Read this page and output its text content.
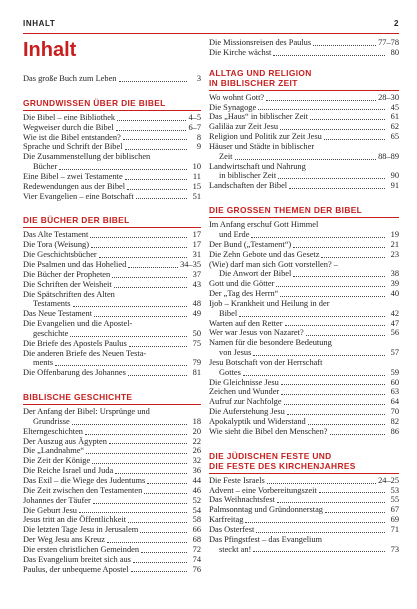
INHALT	2
Inhalt
Das große Buch zum Leben	3
GRUNDWISSEN ÜBER DIE BIBEL
Die Bibel – eine Bibliothek	4–5
Wegweiser durch die Bibel	6–7
Wie ist die Bibel entstanden?	8
Sprache und Schrift der Bibel	9
Die Zusammenstellung der biblischen
Bücher	10
Eine Bibel – zwei Testamente	11
Redewendungen aus der Bibel	15
Vier Evangelien – eine Botschaft	51
DIE BÜCHER DER BIBEL
Das Alte Testament	17
Die Tora (Weisung)	17
Die Geschichtsbücher	31
Die Psalmen und das Hohelied	34–35
Die Bücher der Propheten	37
Die Schriften der Weisheit	43
Die Spätschriften des Alten
Testaments	48
Das Neue Testament	49
Die Evangelien und die Apostel-
geschichte	50
Die Briefe des Apostels Paulus	75
Die anderen Briefe des Neuen Testa-
ments	79
Die Offenbarung des Johannes	81
BIBLISCHE GESCHICHTE
Der Anfang der Bibel: Ursprünge und
Grundrisse	18
Elterngeschichten	20
Der Auszug aus Ägypten	22
Die „Landnahme“	26
Die Zeit der Könige	32
Die Reiche Israel und Juda	36
Das Exil – die Wiege des Judentums	44
Die Zeit zwischen den Testamenten	46
Johannes der Täufer	52
Die Geburt Jesu	54
Jesus tritt an die Öffentlichkeit	58
Die letzten Tage Jesu in Jerusalem	66
Der Weg Jesu ans Kreuz	68
Die ersten christlichen Gemeinden	72
Das Evangelium breitet sich aus	74
Paulus, der unbequeme Apostel	76
Die Missionsreisen des Paulus	77–78
Die Kirche wächst	80
ALLTAG UND RELIGION
IN BIBLISCHER ZEIT
Wo wohnt Gott?	28–30
Die Synagoge	45
Das „Haus“ in biblischer Zeit	61
Galiläa zur Zeit Jesu	62
Religion und Politik zur Zeit Jesu	65
Häuser und Städte in biblischer
Zeit	88–89
Landwirtschaft und Nahrung
in biblischer Zeit	90
Landschaften der Bibel	91
DIE GROSSEN THEMEN DER BIBEL
Im Anfang erschuf Gott Himmel
und Erde	19
Der Bund („Testament“)	21
Die Zehn Gebote und das Gesetz	23
(Wie) darf man sich Gott vorstellen? –
Die Anwort der Bibel	38
Gott und die Götter	39
Der „Tag des Herrn“	40
Ijob – Krankheit und Heilung in der
Bibel	42
Warten auf den Retter	47
Wer war Jesus von Nazaret?	56
Namen für die besondere Bedeutung
von Jesus	57
Jesu Botschaft von der Herrschaft
Gottes	59
Die Gleichnisse Jesu	60
Zeichen und Wunder	63
Aufruf zur Nachfolge	64
Die Auferstehung Jesu	70
Apokalyptik und Widerstand	82
Wie sieht die Bibel den Menschen?	86
DIE JÜDISCHEN FESTE UND
DIE FESTE DES KIRCHENJAHRES
Die Feste Israels	24–25
Advent – eine Vorbereitungszeit	53
Das Weihnachtsfest	55
Palmsonntag und Gründonnerstag	67
Karfreitag	69
Das Osterfest	71
Das Pfingstfest – das Evangelium
steckt an!	73
